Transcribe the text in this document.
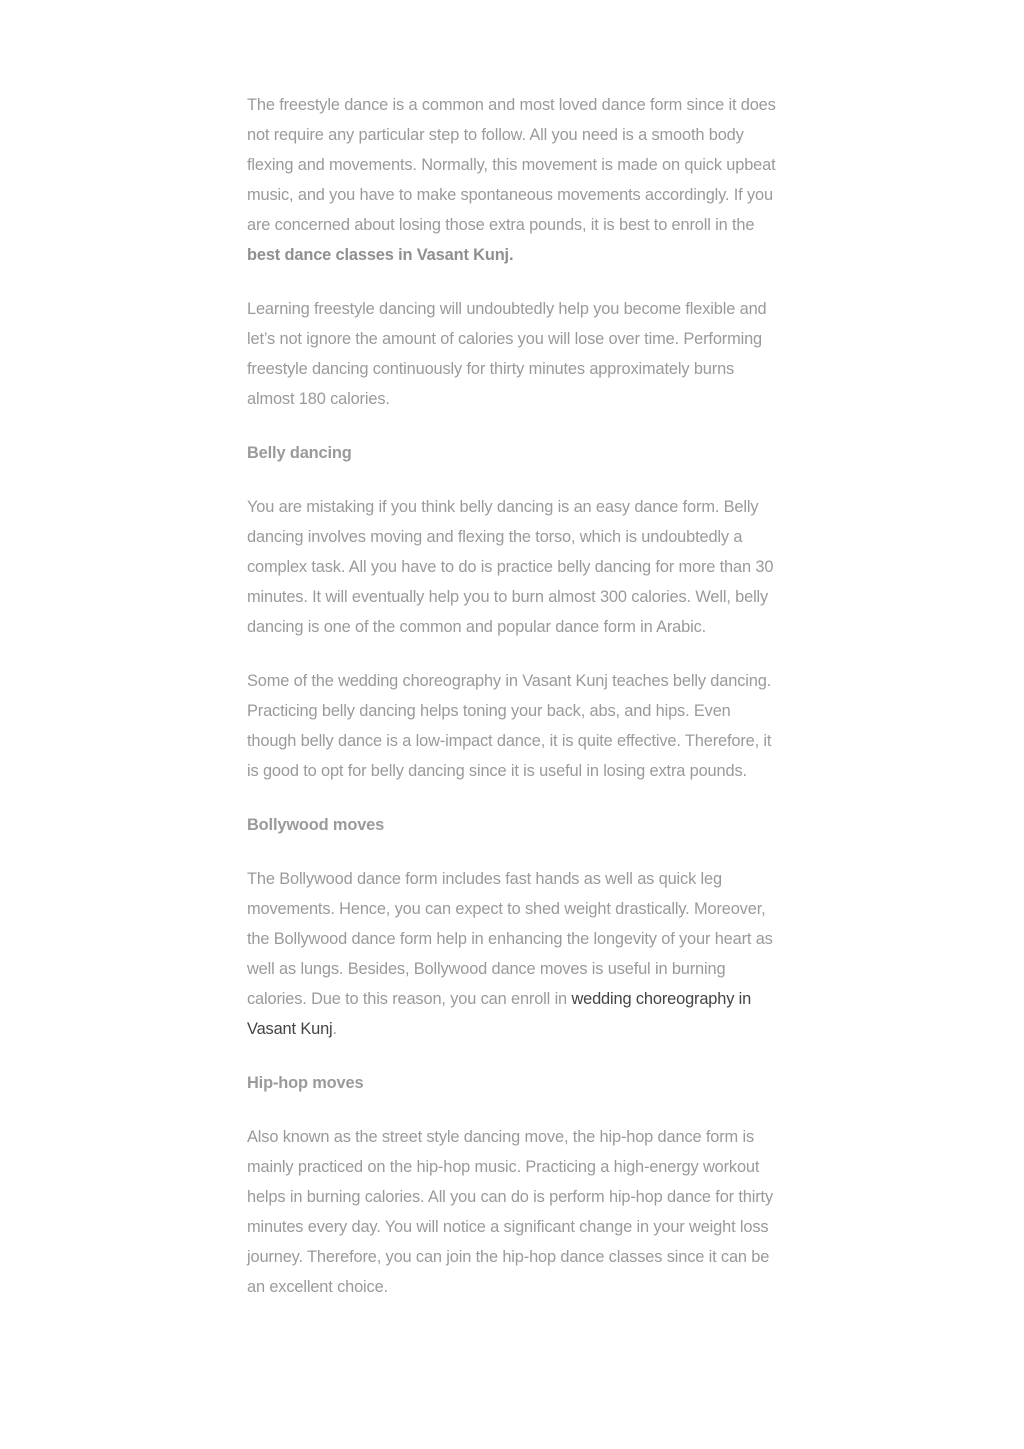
The freestyle dance is a common and most loved dance form since it does not require any particular step to follow. All you need is a smooth body flexing and movements. Normally, this movement is made on quick upbeat music, and you have to make spontaneous movements accordingly. If you are concerned about losing those extra pounds, it is best to enroll in the best dance classes in Vasant Kunj.

Learning freestyle dancing will undoubtedly help you become flexible and let’s not ignore the amount of calories you will lose over time. Performing freestyle dancing continuously for thirty minutes approximately burns almost 180 calories.

Belly dancing

You are mistaking if you think belly dancing is an easy dance form. Belly dancing involves moving and flexing the torso, which is undoubtedly a complex task. All you have to do is practice belly dancing for more than 30 minutes. It will eventually help you to burn almost 300 calories. Well, belly dancing is one of the common and popular dance form in Arabic.

Some of the wedding choreography in Vasant Kunj teaches belly dancing. Practicing belly dancing helps toning your back, abs, and hips. Even though belly dance is a low-impact dance, it is quite effective. Therefore, it is good to opt for belly dancing since it is useful in losing extra pounds.

Bollywood moves

The Bollywood dance form includes fast hands as well as quick leg movements. Hence, you can expect to shed weight drastically. Moreover, the Bollywood dance form help in enhancing the longevity of your heart as well as lungs. Besides, Bollywood dance moves is useful in burning calories. Due to this reason, you can enroll in wedding choreography in Vasant Kunj.

Hip-hop moves

Also known as the street style dancing move, the hip-hop dance form is mainly practiced on the hip-hop music. Practicing a high-energy workout helps in burning calories. All you can do is perform hip-hop dance for thirty minutes every day. You will notice a significant change in your weight loss journey. Therefore, you can join the hip-hop dance classes since it can be an excellent choice.
